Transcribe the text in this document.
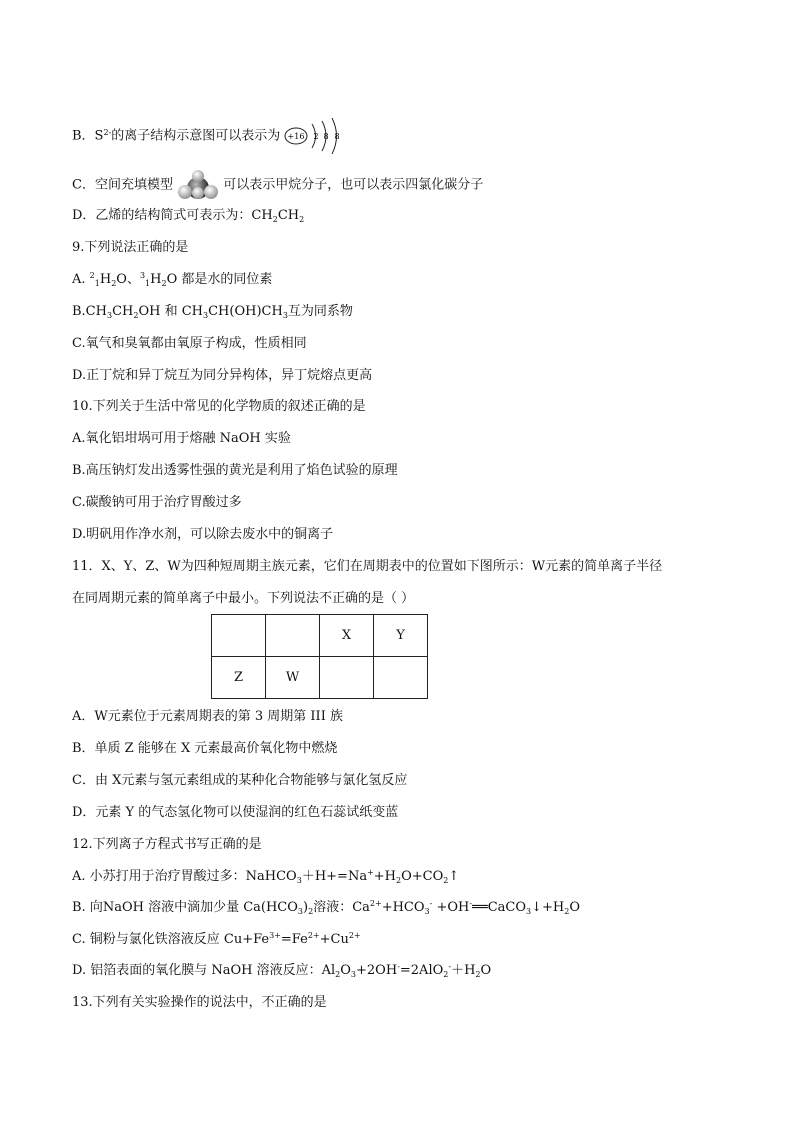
B．$S^{2-}$的离子结构示意图可以表示为 +16 2 8 8
C．空间充填模型	可以表示甲烷分子，也可以表示四氯化碳分子
D．乙烯的结构简式可表示为：$CH_2CH_2$
9.下列说法正确的是
A. $^2_1H_2O$、$^3_1H_2O$ 都是水的同位素
$B.CH_3CH_2OH$ 和 $CH_3CH(OH)CH_3$互为同系物
C.氧气和臭氧都由氧原子构成，性质相同
D.正丁烷和异丁烷互为同分异构体，异丁烷熔点更高
10.下列关于生活中常见的化学物质的叙述正确的是
A.氧化铝坩埚可用于熔融 NaOH 实验
B.高压钠灯发出透雾性强的黄光是利用了焰色试验的原理
C.碳酸钠可用于治疗胃酸过多
D.明矾用作净水剂，可以除去废水中的铜离子
11．X、Y、Z、W为四种短周期主族元素，它们在周期表中的位置如下图所示：W元素的简单离子半径
在同周期元素的简单离子中最小。下列说法不正确的是（ ）
		X	Y
Z	W		
A．W元素位于元素周期表的第 3 周期第 III 族
B．单质 Z 能够在 X 元素最高价氧化物中燃烧
C．由 X元素与氢元素组成的某种化合物能够与氯化氢反应
D．元素 Y 的气态氢化物可以使湿润的红色石蕊试纸变蓝
12.下列离子方程式书写正确的是
A. 小苏打用于治疗胃酸过多：$NaHCO_3+H+=Na^++H_2O+CO_2↑$
B. 向NaOH 溶液中滴加少量 $Ca(HCO_3)_2$溶液：$Ca^{2+}+HCO_3^-$ $+OH^-══CaCO_3↓+H_2O$
C. 铜粉与氯化铁溶液反应 $Cu+Fe^{3+}=Fe^{2+}+Cu^{2+}$
D. 铝箔表面的氧化膜与 NaOH 溶液反应：$Al_2O_3+2OH^-=2AlO_2^-+H_2O$
13.下列有关实验操作的说法中，不正确的是
